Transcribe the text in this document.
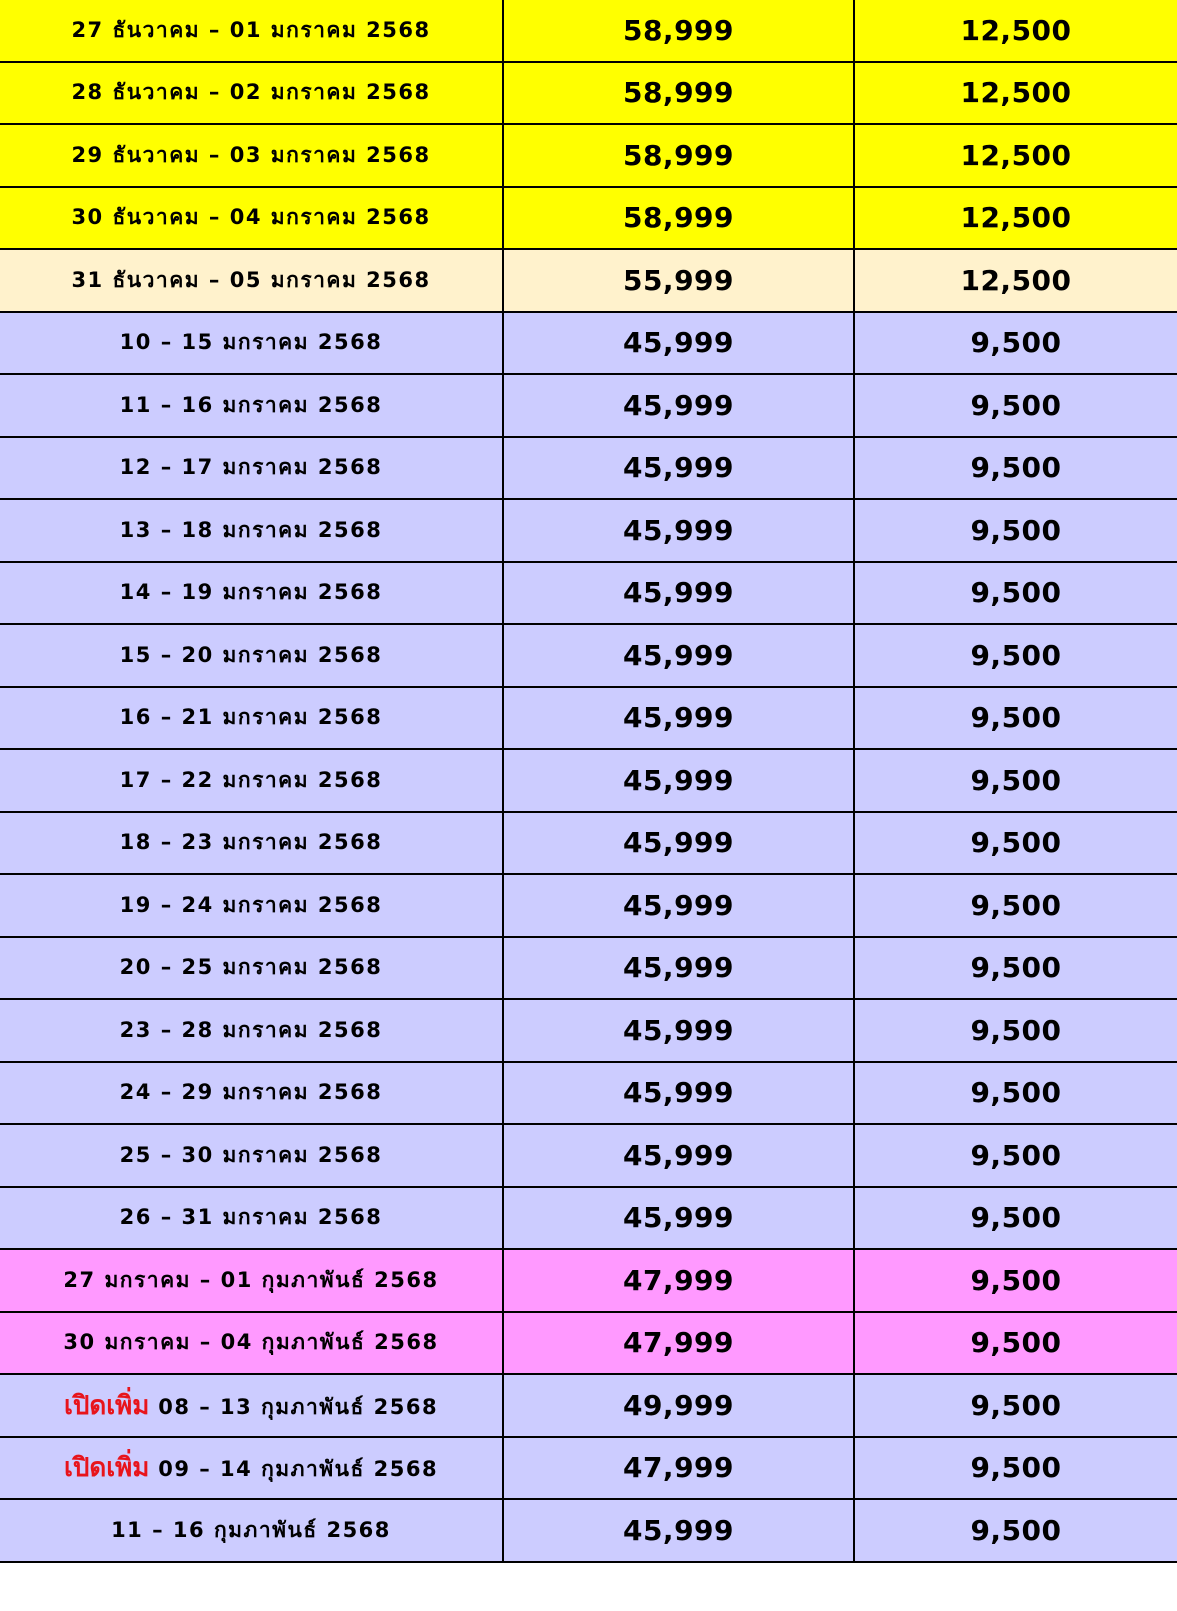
27 ธันวาคม – 01 มกราคม 2568	58,999	12,500
28 ธันวาคม – 02 มกราคม 2568	58,999	12,500
29 ธันวาคม – 03 มกราคม 2568	58,999	12,500
30 ธันวาคม – 04 มกราคม 2568	58,999	12,500
31 ธันวาคม – 05 มกราคม 2568	55,999	12,500
10 – 15 มกราคม 2568	45,999	9,500
11 – 16 มกราคม 2568	45,999	9,500
12 – 17 มกราคม 2568	45,999	9,500
13 – 18 มกราคม 2568	45,999	9,500
14 – 19 มกราคม 2568	45,999	9,500
15 – 20 มกราคม 2568	45,999	9,500
16 – 21 มกราคม 2568	45,999	9,500
17 – 22 มกราคม 2568	45,999	9,500
18 – 23 มกราคม 2568	45,999	9,500
19 – 24 มกราคม 2568	45,999	9,500
20 – 25 มกราคม 2568	45,999	9,500
23 – 28 มกราคม 2568	45,999	9,500
24 – 29 มกราคม 2568	45,999	9,500
25 – 30 มกราคม 2568	45,999	9,500
26 – 31 มกราคม 2568	45,999	9,500
27 มกราคม – 01 กุมภาพันธ์ 2568	47,999	9,500
30 มกราคม – 04 กุมภาพันธ์ 2568	47,999	9,500
เปิดเพิ่ม 08 – 13 กุมภาพันธ์ 2568	49,999	9,500
เปิดเพิ่ม 09 – 14 กุมภาพันธ์ 2568	47,999	9,500
11 – 16 กุมภาพันธ์ 2568	45,999	9,500
